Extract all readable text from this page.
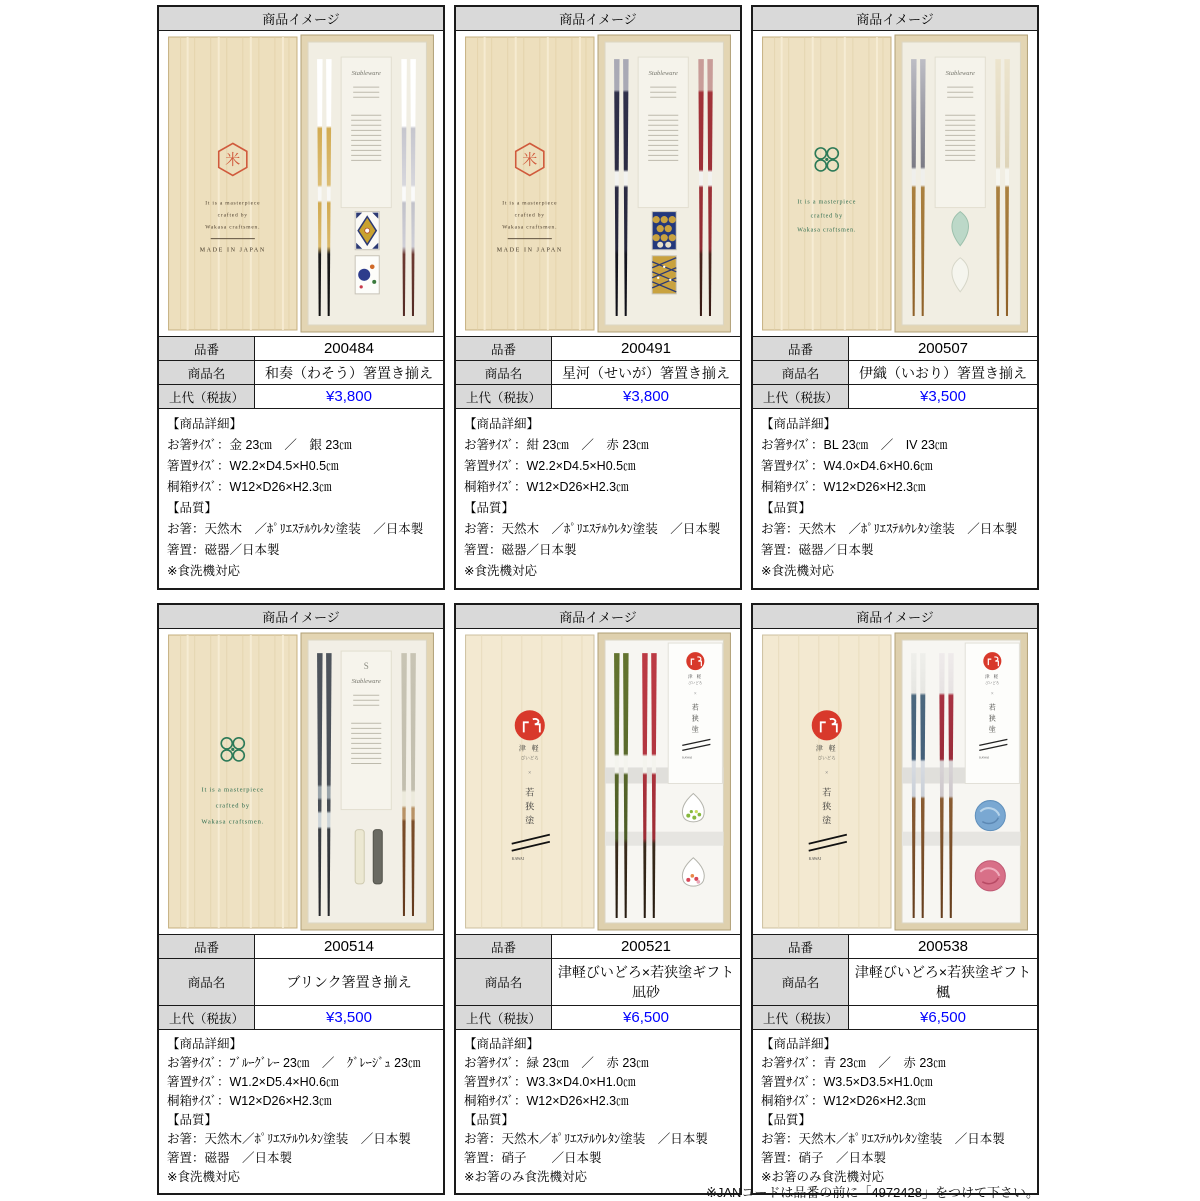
商品イメージ
米
It is a masterpiece
crafted by
Wakasa craftsmen.
MADE IN JAPAN
Stableware
品番	200484
商品名	和奏（わそう）箸置き揃え
上代（税抜）	¥3,800
【商品詳細】
お箸ｻｲｽﾞ：金 23㎝　／　銀 23㎝
箸置ｻｲｽﾞ：W2.2×D4.5×H0.5㎝
桐箱ｻｲｽﾞ：W12×D26×H2.3㎝
【品質】
お箸：天然木　／ﾎﾟﾘｴｽﾃﾙｳﾚﾀﾝ塗装　／日本製
箸置：磁器／日本製
※食洗機対応
商品イメージ
米
It is a masterpiece
crafted by
Wakasa craftsmen.
MADE IN JAPAN
Stableware
品番	200491
商品名	星河（せいが）箸置き揃え
上代（税抜）	¥3,800
【商品詳細】
お箸ｻｲｽﾞ：紺 23㎝　／　赤 23㎝
箸置ｻｲｽﾞ：W2.2×D4.5×H0.5㎝
桐箱ｻｲｽﾞ：W12×D26×H2.3㎝
【品質】
お箸：天然木　／ﾎﾟﾘｴｽﾃﾙｳﾚﾀﾝ塗装　／日本製
箸置：磁器／日本製
※食洗機対応
商品イメージ
It is a masterpiece
crafted by
Wakasa craftsmen.
Stableware
品番	200507
商品名	伊織（いおり）箸置き揃え
上代（税抜）	¥3,500
【商品詳細】
お箸ｻｲｽﾞ：BL 23㎝　／　IV 23㎝
箸置ｻｲｽﾞ：W4.0×D4.6×H0.6㎝
桐箱ｻｲｽﾞ：W12×D26×H2.3㎝
【品質】
お箸：天然木　／ﾎﾟﾘｴｽﾃﾙｳﾚﾀﾝ塗装　／日本製
箸置：磁器／日本製
※食洗機対応
商品イメージ
It is a masterpiece
crafted by
Wakasa craftsmen.
S
Stableware
品番	200514
商品名	ブリンク箸置き揃え
上代（税抜）	¥3,500
【商品詳細】
お箸ｻｲｽﾞ：ﾌﾞﾙｰｸﾞﾚｰ 23㎝　／　ｸﾞﾚｰｼﾞｭ 23㎝
箸置ｻｲｽﾞ：W1.2×D5.4×H0.6㎝
桐箱ｻｲｽﾞ：W12×D26×H2.3㎝
【品質】
お箸：天然木／ﾎﾟﾘｴｽﾃﾙｳﾚﾀﾝ塗装　／日本製
箸置：磁器　／日本製
※食洗機対応
商品イメージ
津 軽
びいどろ
×
若
狭
塗
KAWAI
津 軽
びいどろ
×
若
狭
塗
KAWAI
品番	200521
商品名
津軽びいどろ×若狭塗ギフト
凪砂
上代（税抜）	¥6,500
【商品詳細】
お箸ｻｲｽﾞ：緑 23㎝　／　赤 23㎝
箸置ｻｲｽﾞ：W3.3×D4.0×H1.0㎝
桐箱ｻｲｽﾞ：W12×D26×H2.3㎝
【品質】
お箸：天然木／ﾎﾟﾘｴｽﾃﾙｳﾚﾀﾝ塗装　／日本製
箸置：硝子　　／日本製
※お箸のみ食洗機対応
商品イメージ
津 軽
びいどろ
×
若
狭
塗
KAWAI
津 軽
びいどろ
×
若
狭
塗
KAWAI
品番	200538
商品名
津軽びいどろ×若狭塗ギフト
楓
上代（税抜）	¥6,500
【商品詳細】
お箸ｻｲｽﾞ：青 23㎝　／　赤 23㎝
箸置ｻｲｽﾞ：W3.5×D3.5×H1.0㎝
桐箱ｻｲｽﾞ：W12×D26×H2.3㎝
【品質】
お箸：天然木／ﾎﾟﾘｴｽﾃﾙｳﾚﾀﾝ塗装　／日本製
箸置：硝子　／日本製
※お箸のみ食洗機対応
※JANコードは品番の前に「4972428」をつけて下さい。
